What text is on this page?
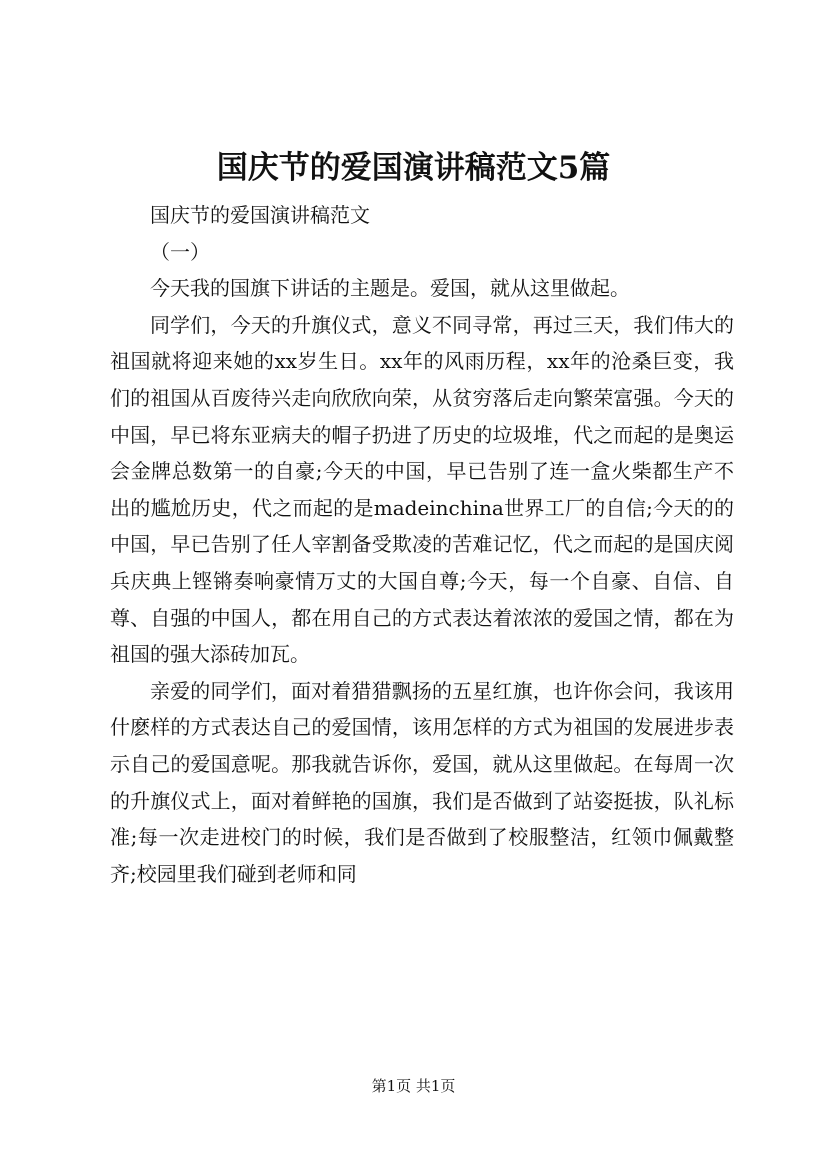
国庆节的爱国演讲稿范文5篇

国庆节的爱国演讲稿范文

（一）

今天我的国旗下讲话的主题是。爱国，就从这里做起。

同学们，今天的升旗仪式，意义不同寻常，再过三天，我们伟大的祖国就将迎来她的xx岁生日。xx年的风雨历程，xx年的沧桑巨变，我们的祖国从百废待兴走向欣欣向荣，从贫穷落后走向繁荣富强。今天的中国，早已将东亚病夫的帽子扔进了历史的垃圾堆，代之而起的是奥运会金牌总数第一的自豪;今天的中国，早已告别了连一盒火柴都生产不出的尴尬历史，代之而起的是madeinchina世界工厂的自信;今天的的中国，早已告别了任人宰割备受欺凌的苦难记忆，代之而起的是国庆阅兵庆典上铿锵奏响豪情万丈的大国自尊;今天，每一个自豪、自信、自尊、自强的中国人，都在用自己的方式表达着浓浓的爱国之情，都在为祖国的强大添砖加瓦。

亲爱的同学们，面对着猎猎飘扬的五星红旗，也许你会问，我该用什麽样的方式表达自己的爱国情，该用怎样的方式为祖国的发展进步表示自己的爱国意呢。那我就告诉你，爱国，就从这里做起。在每周一次的升旗仪式上，面对着鲜艳的国旗，我们是否做到了站姿挺拔，队礼标准;每一次走进校门的时候，我们是否做到了校服整洁，红领巾佩戴整齐;校园里我们碰到老师和同

第1页 共1页
